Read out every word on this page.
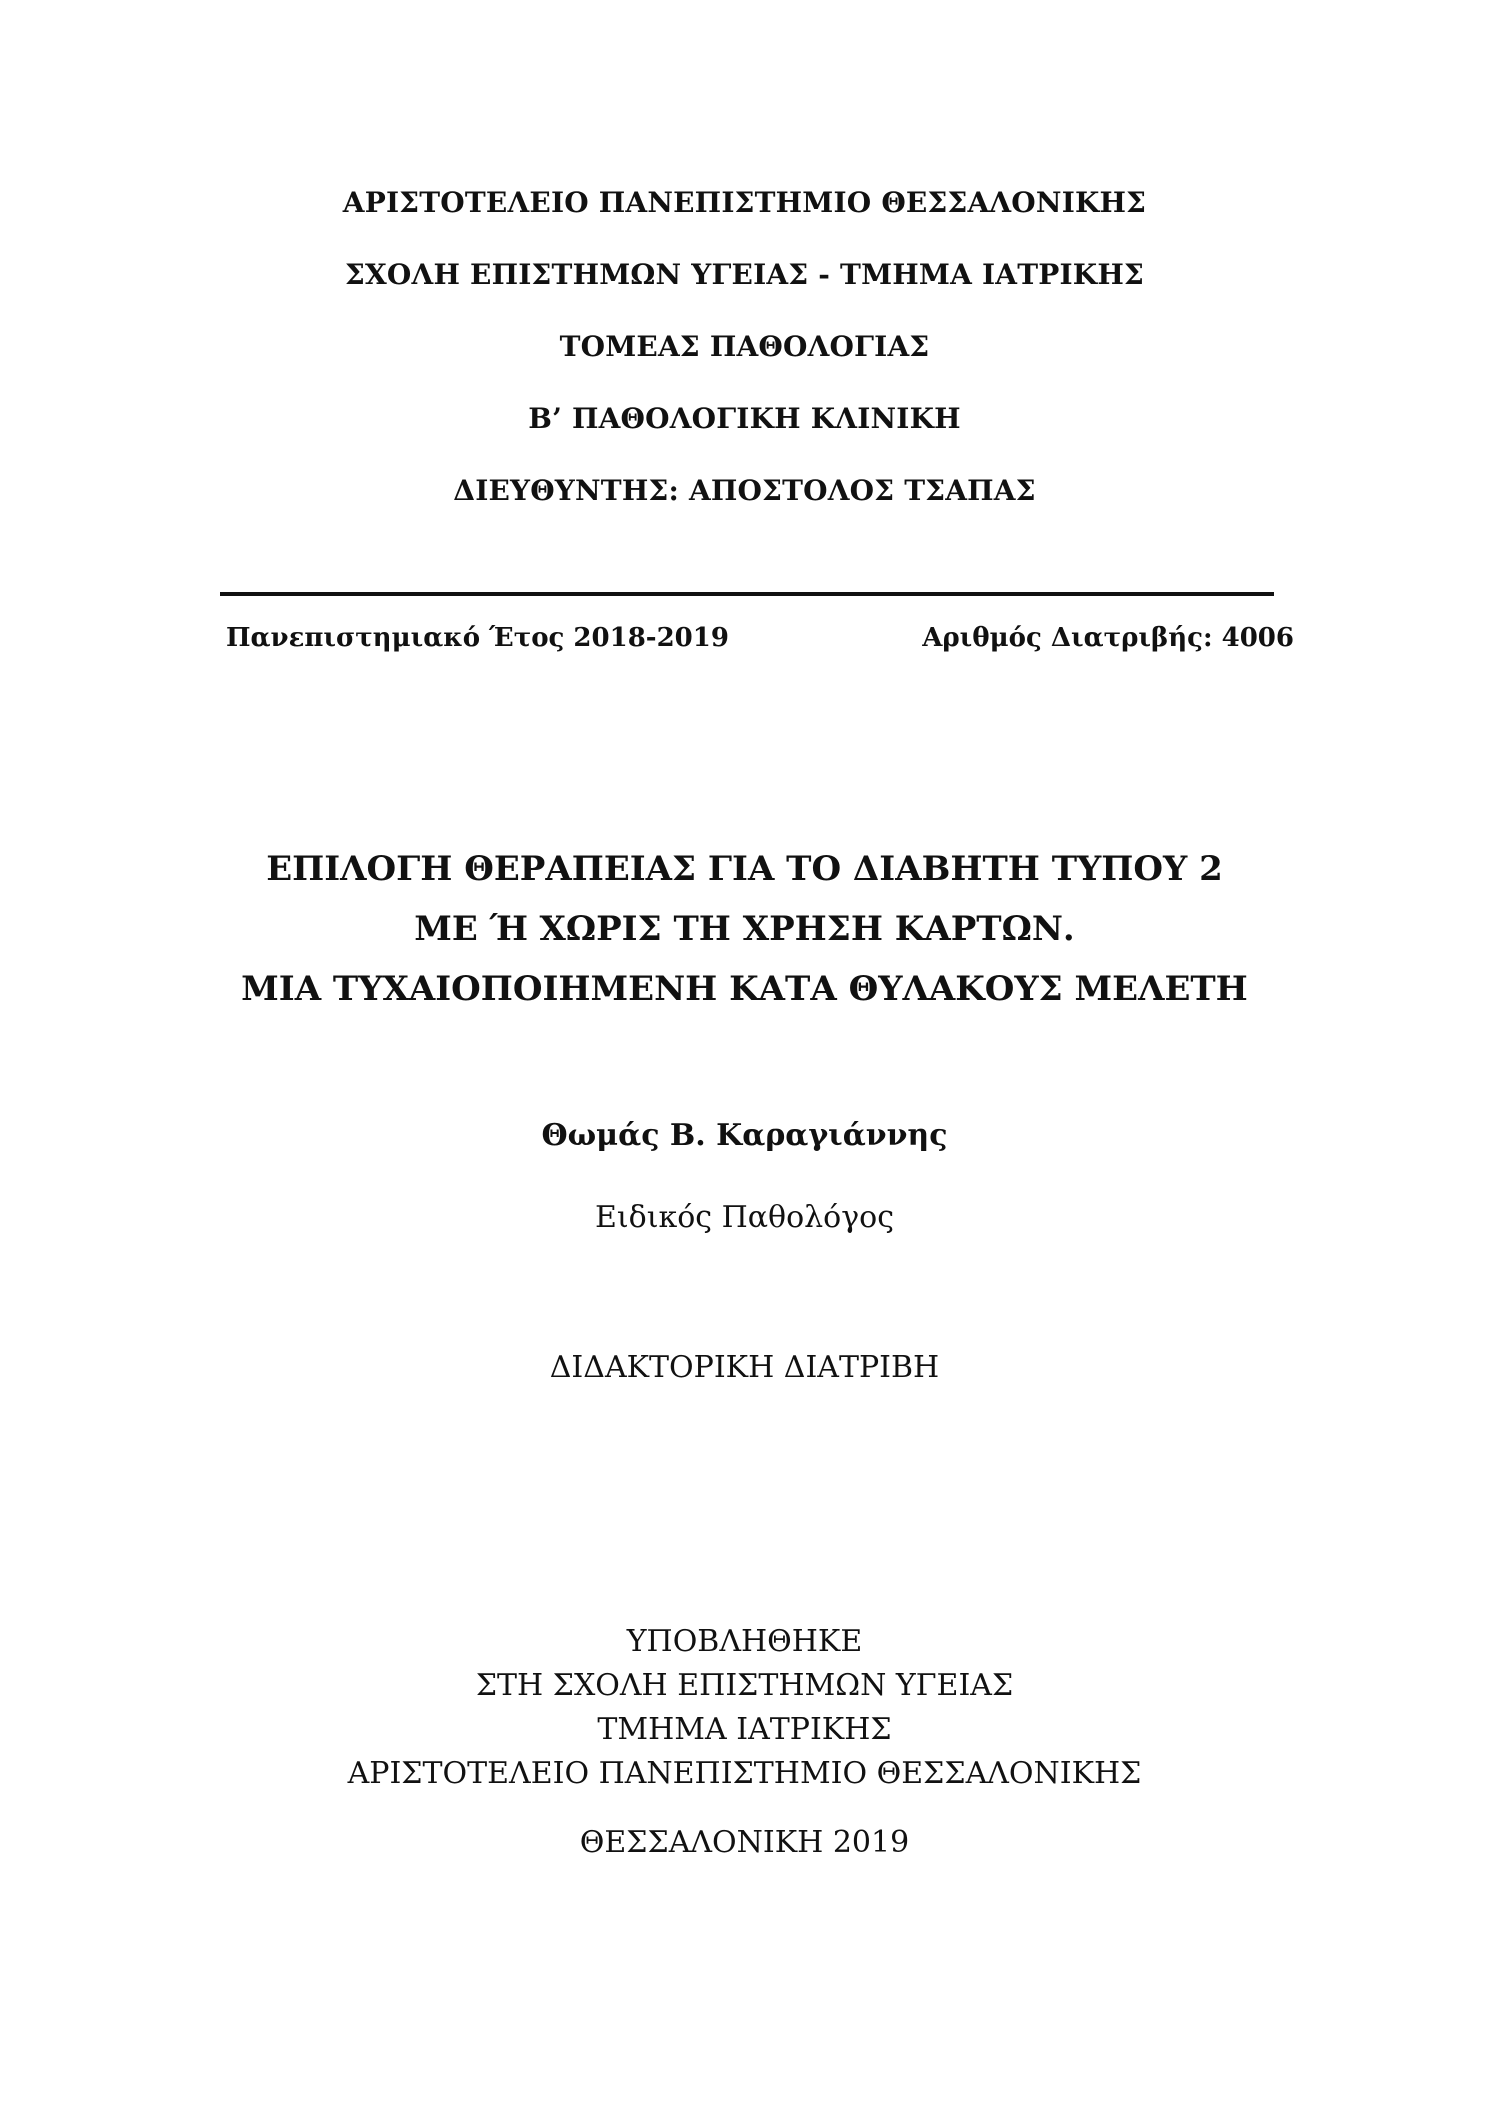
ΑΡΙΣΤΟΤΕΛΕΙΟ ΠΑΝΕΠΙΣΤΗΜΙΟ ΘΕΣΣΑΛΟΝΙΚΗΣ
ΣΧΟΛΗ ΕΠΙΣΤΗΜΩΝ ΥΓΕΙΑΣ - ΤΜΗΜΑ ΙΑΤΡΙΚΗΣ
ΤΟΜΕΑΣ ΠΑΘΟΛΟΓΙΑΣ
Β’ ΠΑΘΟΛΟΓΙΚΗ ΚΛΙΝΙΚΗ
ΔΙΕΥΘΥΝΤΗΣ: ΑΠΟΣΤΟΛΟΣ ΤΣΑΠΑΣ
Πανεπιστημιακό Έτος 2018-2019	Αριθμός Διατριβής: 4006
ΕΠΙΛΟΓΗ ΘΕΡΑΠΕΙΑΣ ΓΙΑ ΤΟ ΔΙΑΒΗΤΗ ΤΥΠΟΥ 2
ΜΕ Ή ΧΩΡΙΣ ΤΗ ΧΡΗΣΗ ΚΑΡΤΩΝ.
ΜΙΑ ΤΥΧΑΙΟΠΟΙΗΜΕΝΗ ΚΑΤΑ ΘΥΛΑΚΟΥΣ ΜΕΛΕΤΗ
Θωμάς Β. Καραγιάννης
Ειδικός Παθολόγος
ΔΙΔΑΚΤΟΡΙΚΗ ΔΙΑΤΡΙΒΗ
ΥΠΟΒΛΗΘΗΚΕ
ΣΤΗ ΣΧΟΛΗ ΕΠΙΣΤΗΜΩΝ ΥΓΕΙΑΣ
ΤΜΗΜΑ ΙΑΤΡΙΚΗΣ
ΑΡΙΣΤΟΤΕΛΕΙΟ ΠΑΝΕΠΙΣΤΗΜΙΟ ΘΕΣΣΑΛΟΝΙΚΗΣ
ΘΕΣΣΑΛΟΝΙΚΗ 2019
